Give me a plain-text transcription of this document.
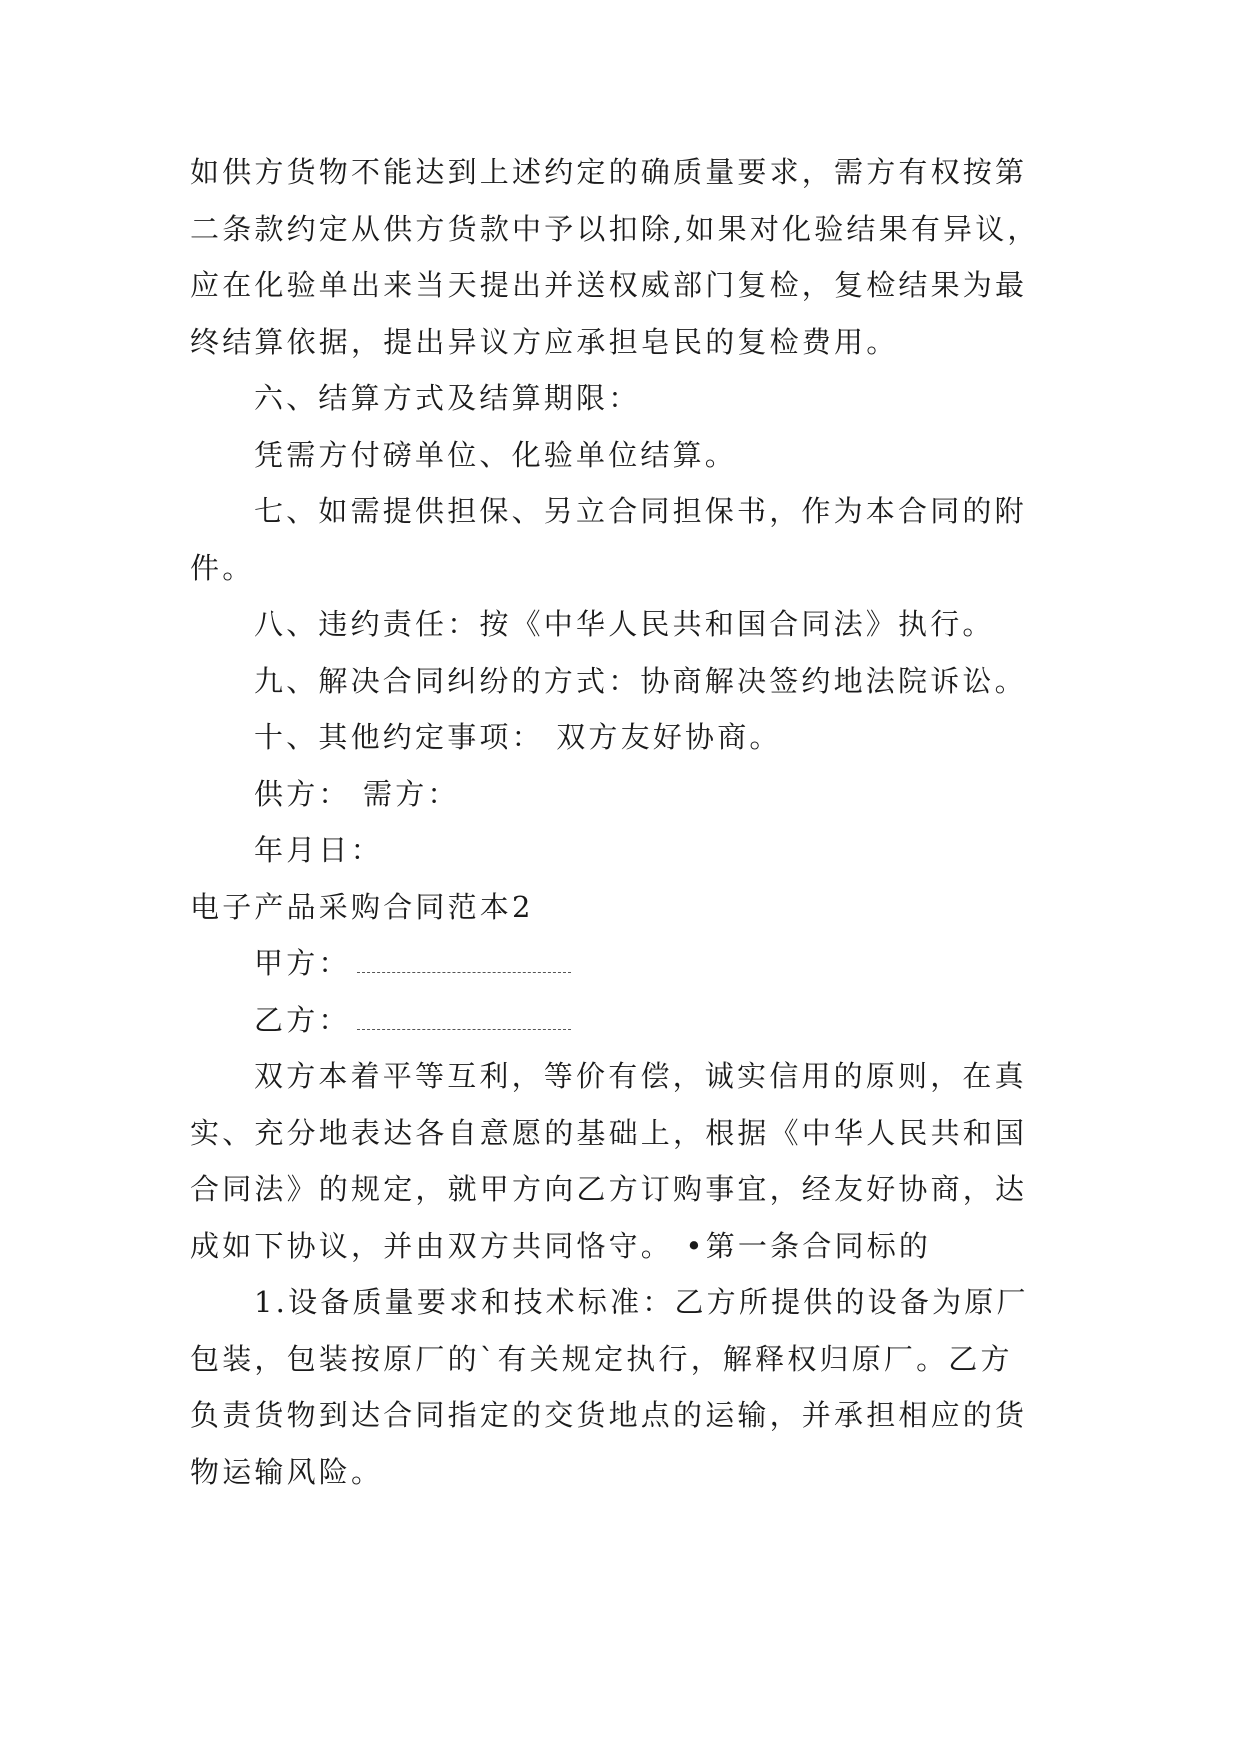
如供方货物不能达到上述约定的确质量要求，需方有权按第
二条款约定从供方货款中予以扣除,如果对化验结果有异议，
应在化验单出来当天提出并送权威部门复检，复检结果为最
终结算依据，提出异议方应承担皂民的复检费用。
六、结算方式及结算期限：
凭需方付磅单位、化验单位结算。
七、如需提供担保、另立合同担保书，作为本合同的附
件。
八、违约责任：按《中华人民共和国合同法》执行。
九、解决合同纠纷的方式：协商解决签约地法院诉讼。
十、其他约定事项： 双方友好协商。
供方： 需方：
年月日：
电子产品采购合同范本2
甲方：
乙方：
双方本着平等互利，等价有偿，诚实信用的原则，在真
实、充分地表达各自意愿的基础上，根据《中华人民共和国
合同法》的规定，就甲方向乙方订购事宜，经友好协商，达
成如下协议，并由双方共同恪守。 •第一条合同标的
1.设备质量要求和技术标准：乙方所提供的设备为原厂
包装，包装按原厂的`有关规定执行，解释权归原厂。乙方
负责货物到达合同指定的交货地点的运输，并承担相应的货
物运输风险。
